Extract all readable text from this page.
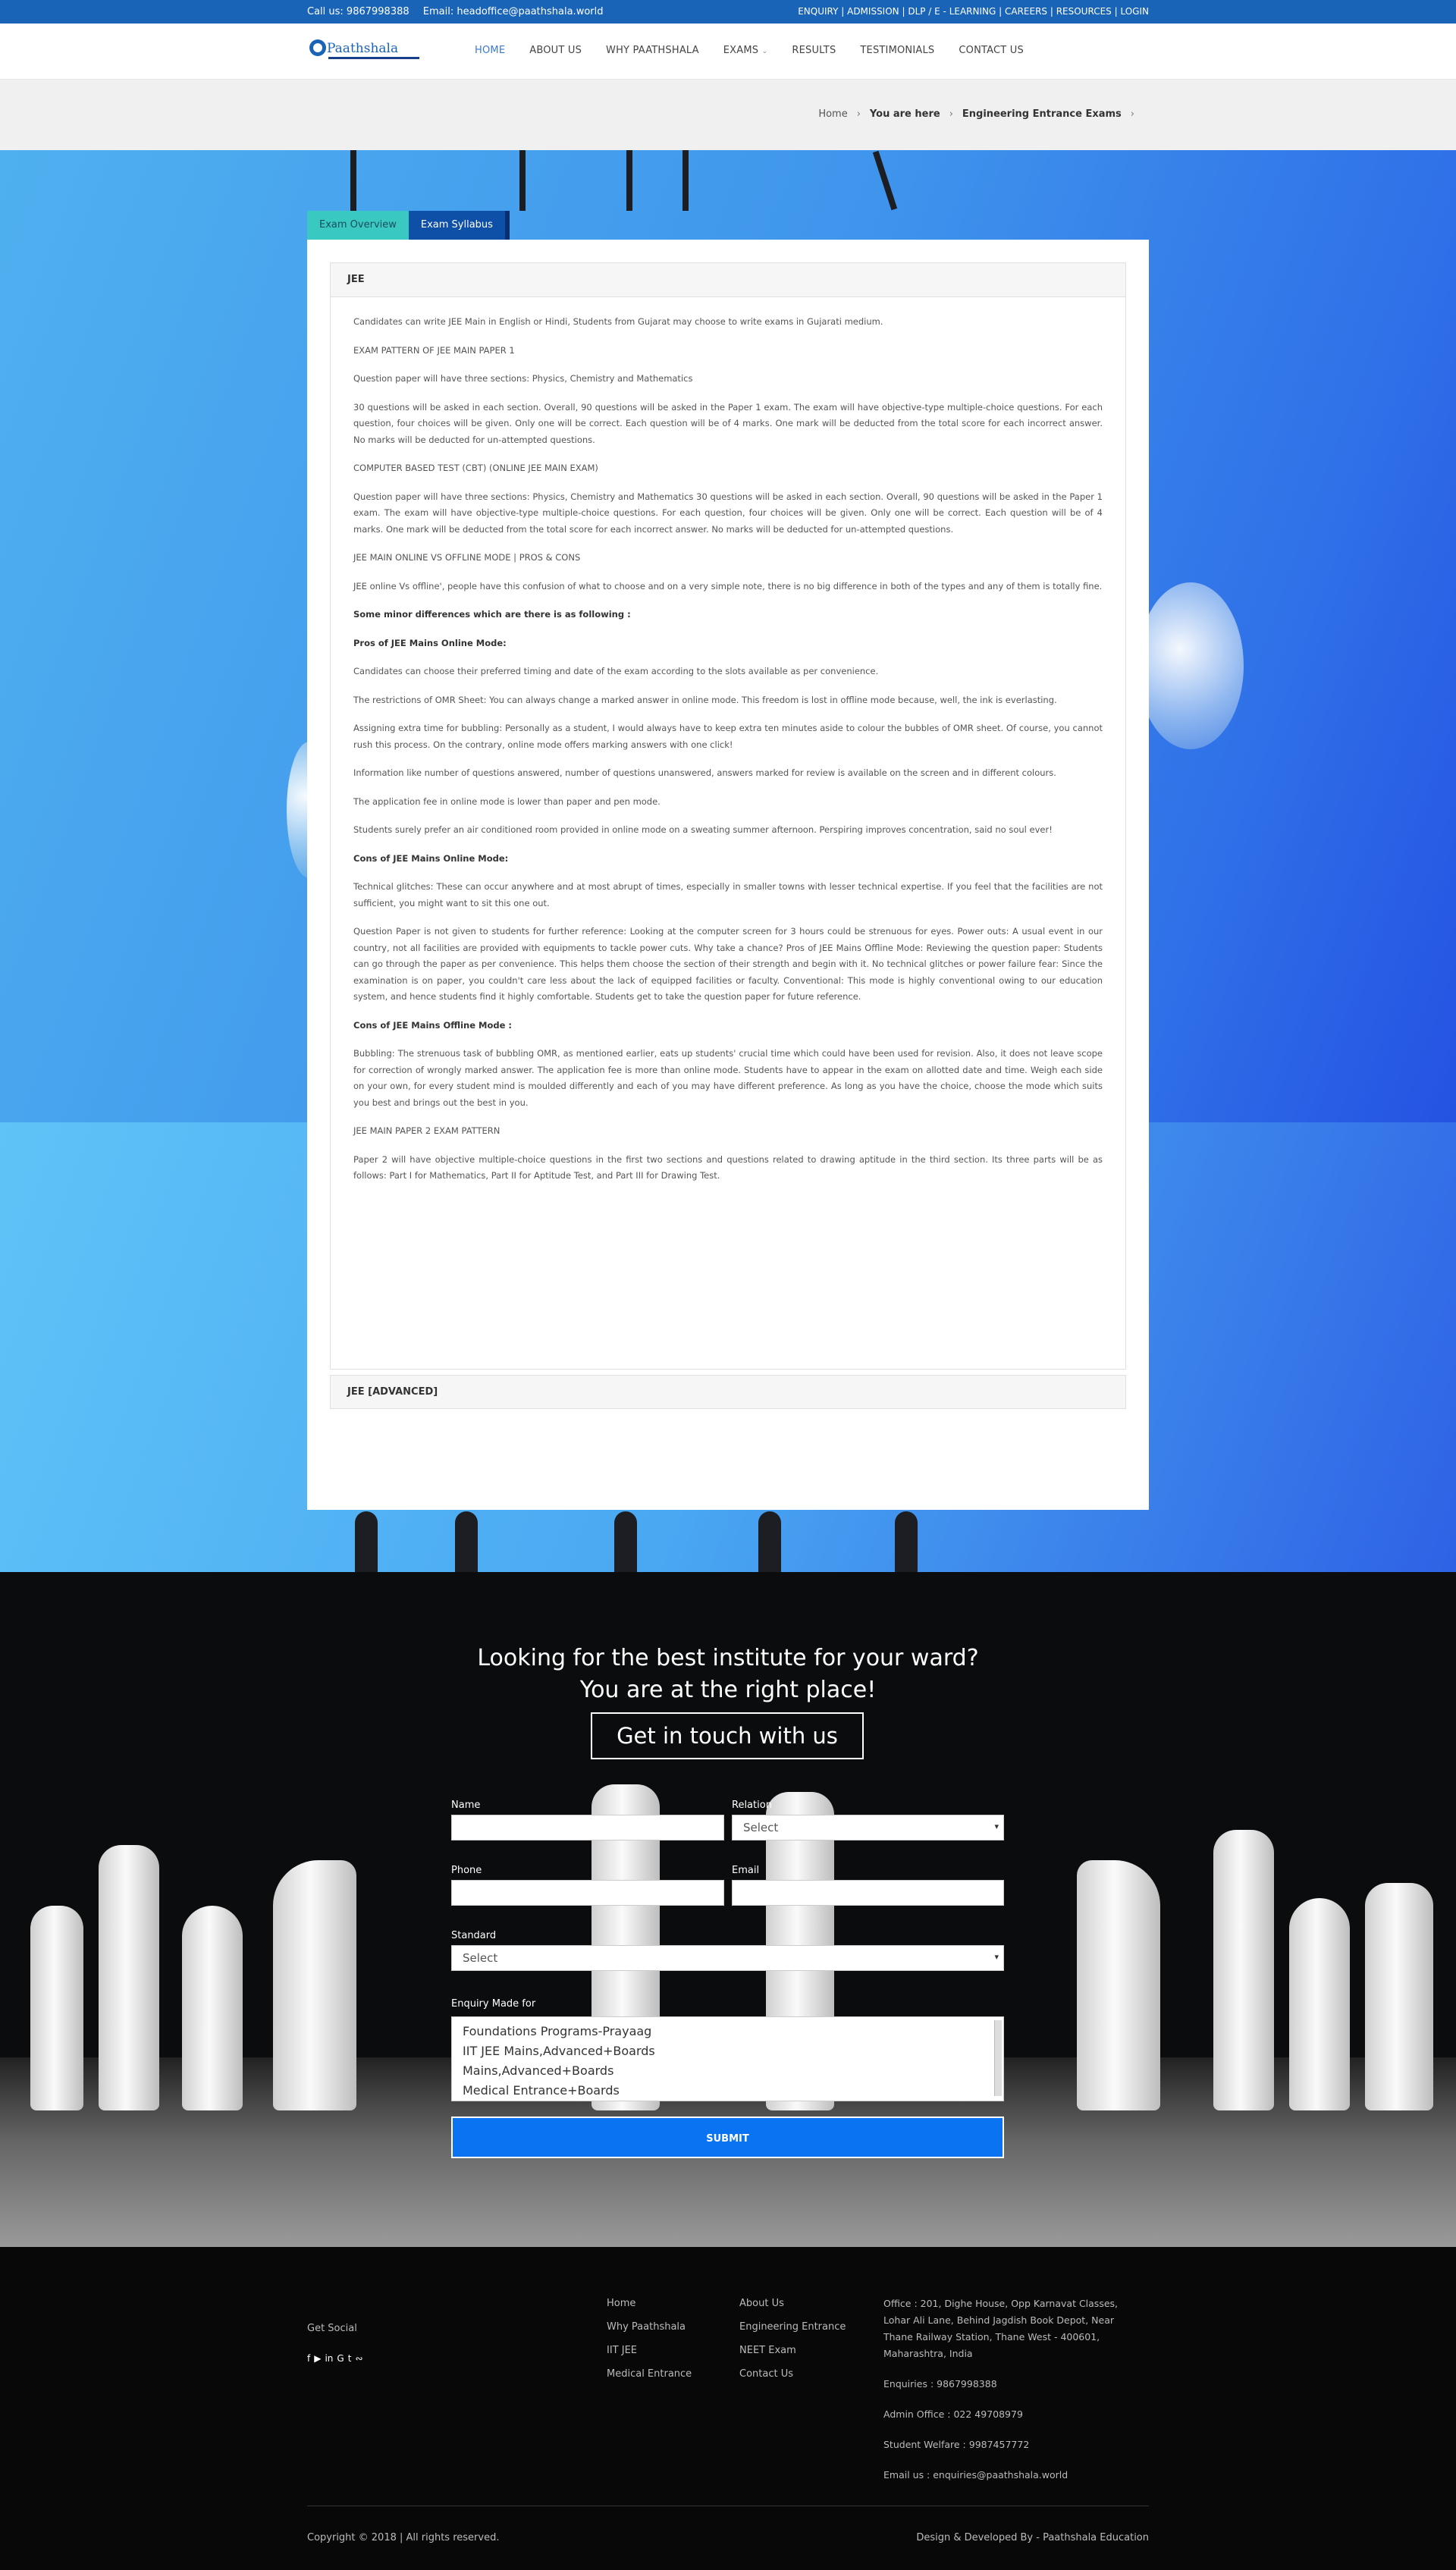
Call us: 9867998388 Email: headoffice@paathshala.world	ENQUIRY | ADMISSION | DLP / E - LEARNING | CAREERS | RESOURCES | LOGIN
Paathshala	HOME ABOUT US WHY PAATHSHALA EXAMS ⌄ RESULTS TESTIMONIALS CONTACT US
Home › You are here › Engineering Entrance Exams ›
Exam Overview	Exam Syllabus
JEE

Candidates can write JEE Main in English or Hindi, Students from Gujarat may choose to write exams in Gujarati medium.

EXAM PATTERN OF JEE MAIN PAPER 1

Question paper will have three sections: Physics, Chemistry and Mathematics

30 questions will be asked in each section. Overall, 90 questions will be asked in the Paper 1 exam. The exam will have objective-type multiple-choice questions. For each question, four choices will be given. Only one will be correct. Each question will be of 4 marks. One mark will be deducted from the total score for each incorrect answer. No marks will be deducted for un-attempted questions.

COMPUTER BASED TEST (CBT) (ONLINE JEE MAIN EXAM)

Question paper will have three sections: Physics, Chemistry and Mathematics 30 questions will be asked in each section. Overall, 90 questions will be asked in the Paper 1 exam. The exam will have objective-type multiple-choice questions. For each question, four choices will be given. Only one will be correct. Each question will be of 4 marks. One mark will be deducted from the total score for each incorrect answer. No marks will be deducted for un-attempted questions.

JEE MAIN ONLINE VS OFFLINE MODE | PROS & CONS

JEE online Vs offline', people have this confusion of what to choose and on a very simple note, there is no big difference in both of the types and any of them is totally fine.

Some minor differences which are there is as following :

Pros of JEE Mains Online Mode:

Candidates can choose their preferred timing and date of the exam according to the slots available as per convenience.

The restrictions of OMR Sheet: You can always change a marked answer in online mode. This freedom is lost in offline mode because, well, the ink is everlasting.

Assigning extra time for bubbling: Personally as a student, I would always have to keep extra ten minutes aside to colour the bubbles of OMR sheet. Of course, you cannot rush this process. On the contrary, online mode offers marking answers with one click!

Information like number of questions answered, number of questions unanswered, answers marked for review is available on the screen and in different colours.

The application fee in online mode is lower than paper and pen mode.

Students surely prefer an air conditioned room provided in online mode on a sweating summer afternoon. Perspiring improves concentration, said no soul ever!

Cons of JEE Mains Online Mode:

Technical glitches: These can occur anywhere and at most abrupt of times, especially in smaller towns with lesser technical expertise. If you feel that the facilities are not sufficient, you might want to sit this one out.

Question Paper is not given to students for further reference: Looking at the computer screen for 3 hours could be strenuous for eyes. Power outs: A usual event in our country, not all facilities are provided with equipments to tackle power cuts. Why take a chance? Pros of JEE Mains Offline Mode: Reviewing the question paper: Students can go through the paper as per convenience. This helps them choose the section of their strength and begin with it. No technical glitches or power failure fear: Since the examination is on paper, you couldn't care less about the lack of equipped facilities or faculty. Conventional: This mode is highly conventional owing to our education system, and hence students find it highly comfortable. Students get to take the question paper for future reference.

Cons of JEE Mains Offline Mode :

Bubbling: The strenuous task of bubbling OMR, as mentioned earlier, eats up students' crucial time which could have been used for revision. Also, it does not leave scope for correction of wrongly marked answer. The application fee is more than online mode. Students have to appear in the exam on allotted date and time. Weigh each side on your own, for every student mind is moulded differently and each of you may have different preference. As long as you have the choice, choose the mode which suits you best and brings out the best in you.

JEE MAIN PAPER 2 EXAM PATTERN

Paper 2 will have objective multiple-choice questions in the first two sections and questions related to drawing aptitude in the third section. Its three parts will be as follows: Part I for Mathematics, Part II for Aptitude Test, and Part III for Drawing Test.

JEE [ADVANCED]
Looking for the best institute for your ward?
You are at the right place!
Get in touch with us
Name	Relation
Select ▾
Phone	Email
Standard
Select ▾
Enquiry Made for
Foundations Programs-Prayaag
IIT JEE Mains,Advanced+Boards
Mains,Advanced+Boards
Medical Entrance+Boards
SUBMIT
Get Social
f ▶ in G t ∾
Home
Why Paathshala
IIT JEE
Medical Entrance
About Us
Engineering Entrance
NEET Exam
Contact Us

Office : 201, Dighe House, Opp Karnavat Classes, Lohar Ali Lane, Behind Jagdish Book Depot, Near Thane Railway Station, Thane West - 400601, Maharashtra, India

Enquiries : 9867998388

Admin Office : 022 49708979

Student Welfare : 9987457772

Email us : enquiries@paathshala.world

Copyright © 2018 | All rights reserved.	Design & Developed By - Paathshala Education
